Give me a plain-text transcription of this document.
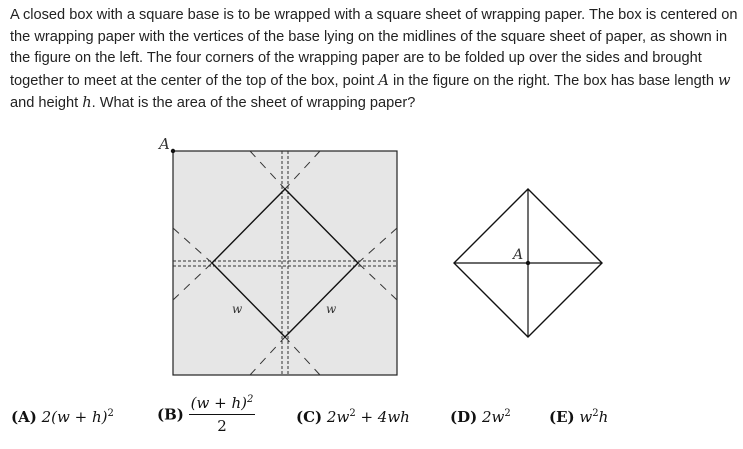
A closed box with a square base is to be wrapped with a square sheet of wrapping paper. The box is centered on the wrapping paper with the vertices of the base lying on the midlines of the square sheet of paper, as shown in the figure on the left. The four corners of the wrapping paper are to be folded up over the sides and brought together to meet at the center of the top of the box, point A in the figure on the right. The box has base length w and height h. What is the area of the sheet of wrapping paper?

A
w	w
A
(A) $2(w + h)^2$	$(B) \frac{(w + h)^2}{2}$	(C) $2w^2 + 4wh$	(D) $2w^2$	(E) $w^2h$
